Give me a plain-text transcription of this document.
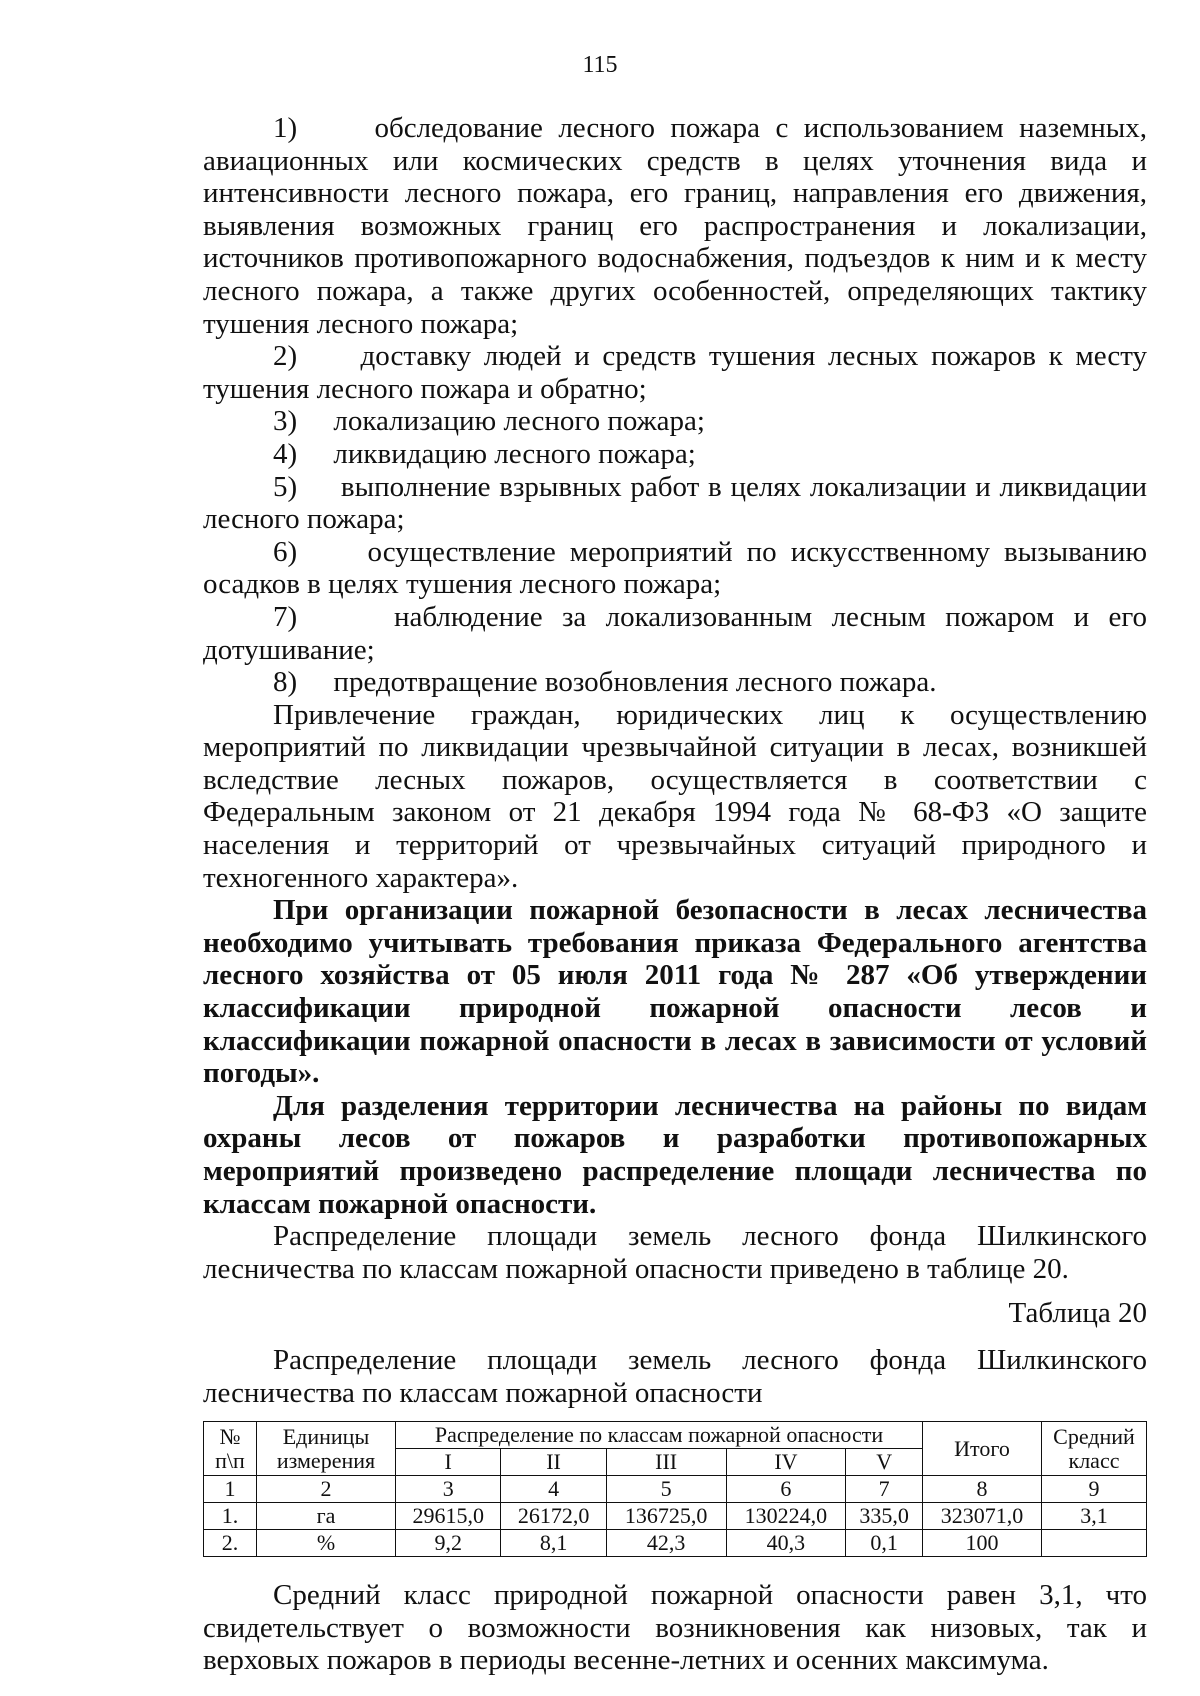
115

1)	обследование лесного пожара с использованием наземных, авиационных или космических средств в целях уточнения вида и интенсивности лесного пожара, его границ, направления его движения, выявления возможных границ его распространения и локализации, источников противопожарного водоснабжения, подъездов к ним и к месту лесного пожара, а также других особенностей, определяющих тактику тушения лесного пожара;

2) доставку людей и средств тушения лесных пожаров к месту тушения лесного пожара и обратно;

3) локализацию лесного пожара;

4) ликвидацию лесного пожара;

5) выполнение взрывных работ в целях локализации и ликвидации лесного пожара;

6) осуществление мероприятий по искусственному вызыванию осадков в целях тушения лесного пожара;

7)	наблюдение за локализованным лесным пожаром и его дотушивание;

8) предотвращение возобновления лесного пожара.

Привлечение граждан, юридических лиц к осуществлению мероприятий по ликвидации чрезвычайной ситуации в лесах, возникшей вследствие лесных пожаров, осуществляется в соответствии с Федеральным законом от 21 декабря 1994 года № 68-ФЗ «О защите населения и территорий от чрезвычайных ситуаций природного и техногенного характера».

При организации пожарной безопасности в лесах лесничества необходимо учитывать требования приказа Федерального агентства лесного хозяйства от 05 июля 2011 года № 287 «Об утверждении классификации природной пожарной опасности лесов и классификации пожарной опасности в лесах в зависимости от условий погоды».

Для разделения территории лесничества на районы по видам охраны лесов от пожаров и разработки противопожарных мероприятий произведено распределение площади лесничества по классам пожарной опасности.

Распределение площади земель лесного фонда Шилкинского лесничества по классам пожарной опасности приведено в таблице 20.

Таблица 20

Распределение площади земель лесного фонда Шилкинского лесничества по классам пожарной опасности

№ п\п	Единицы измерения	Распределение по классам пожарной опасности					Итого	Средний класс
		I	II	III	IV	V		
1	2	3	4	5	6	7	8	9
1.	га	29615,0	26172,0	136725,0	130224,0	335,0	323071,0	3,1
2.	%	9,2	8,1	42,3	40,3	0,1	100	

Средний класс природной пожарной опасности равен 3,1, что свидетельствует о возможности возникновения как низовых, так и верховых пожаров в периоды весенне-летних и осенних максимума.
